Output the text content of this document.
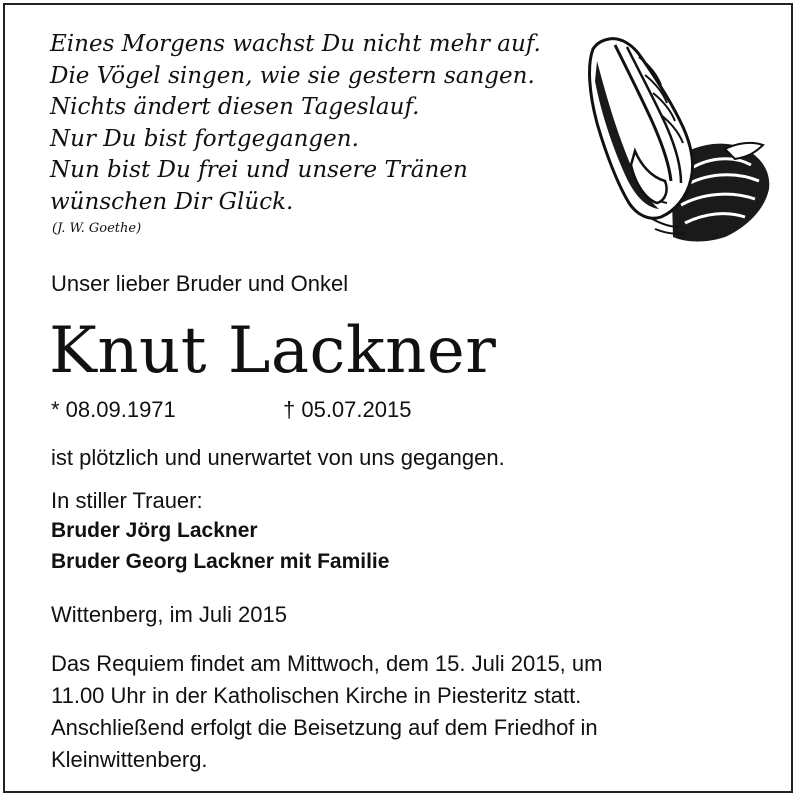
Eines Morgens wachst Du nicht mehr auf.
Die Vögel singen, wie sie gestern sangen.
Nichts ändert diesen Tageslauf.
Nur Du bist fortgegangen.
Nun bist Du frei und unsere Tränen
wünschen Dir Glück.
(J. W. Goethe)
Unser lieber Bruder und Onkel
Knut Lackner
* 08.09.1971	† 05.07.2015
ist plötzlich und unerwartet von uns gegangen.
In stiller Trauer:
Bruder Jörg Lackner
Bruder Georg Lackner mit Familie
Wittenberg, im Juli 2015
Das Requiem findet am Mittwoch, dem 15. Juli 2015, um
11.00 Uhr in der Katholischen Kirche in Piesteritz statt.
Anschließend erfolgt die Beisetzung auf dem Friedhof in
Kleinwittenberg.
